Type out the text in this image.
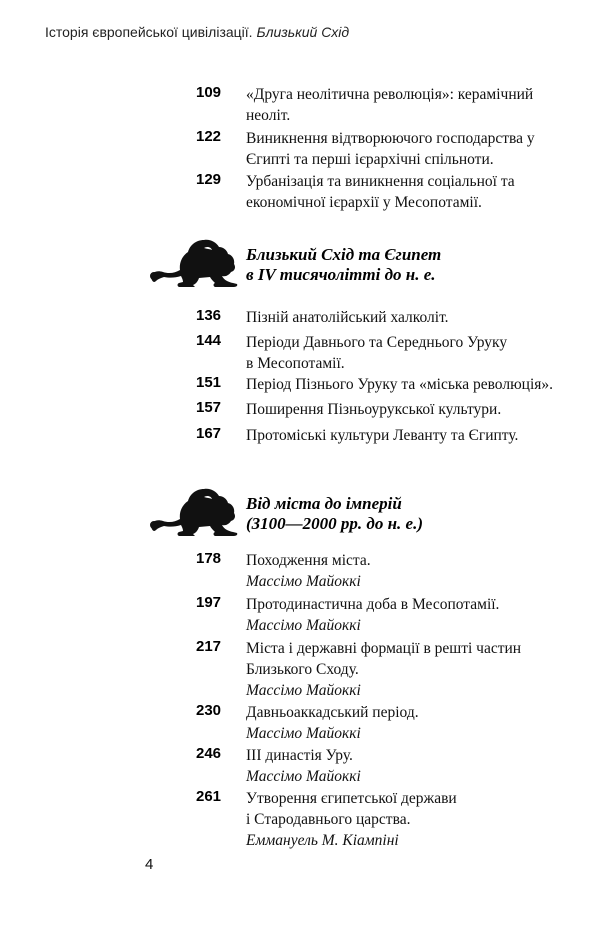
Історія європейської цивілізації. Близький Схід
109 «Друга неолітична революція»: керамічний
неоліт.
122 Виникнення відтворюючого господарства у
Єгипті та перші ієрархічні спільноти.
129 Урбанізація та виникнення соціальної та
економічної ієрархії у Месопотамії.
Близький Схід та Єгипет
в IV тисячолітті до н. е.
136 Пізній анатолійський халколіт.
144 Періоди Давнього та Середнього Уруку
в Месопотамії.
151 Період Пізнього Уруку та «міська революція».
157 Поширення Пізньоурукської культури.
167 Протоміські культури Леванту та Єгипту.
Від міста до імперій
(3100—2000 рр. до н. е.)
178 Походження міста.
Массімо Майоккі
197 Протодинастична доба в Месопотамії.
Массімо Майоккі
217 Міста і державні формації в решті частин
Близького Сходу.
Массімо Майоккі
230 Давньоаккадський період.
Массімо Майоккі
246 III династія Уру.
Массімо Майоккі
261 Утворення єгипетської держави
і Стародавнього царства.
Еммануель М. Кіампіні
4
